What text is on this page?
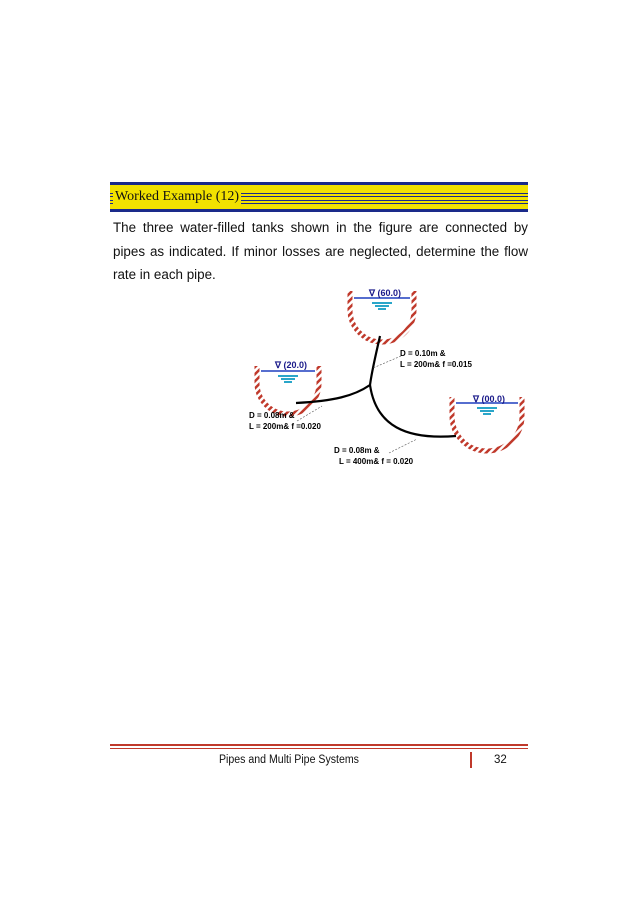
Worked Example (12)

The three water-filled tanks shown in the figure are connected by pipes as indicated. If minor losses are neglected, determine the flow rate in each pipe.

∇ (60.0)
∇ (20.0)
∇ (00.0)
D = 0.10m &
L = 200m& f =0.015
D = 0.08m &
L = 200m& f =0.020
D = 0.08m &
L = 400m& f = 0.020
Pipes and Multi Pipe Systems	32
